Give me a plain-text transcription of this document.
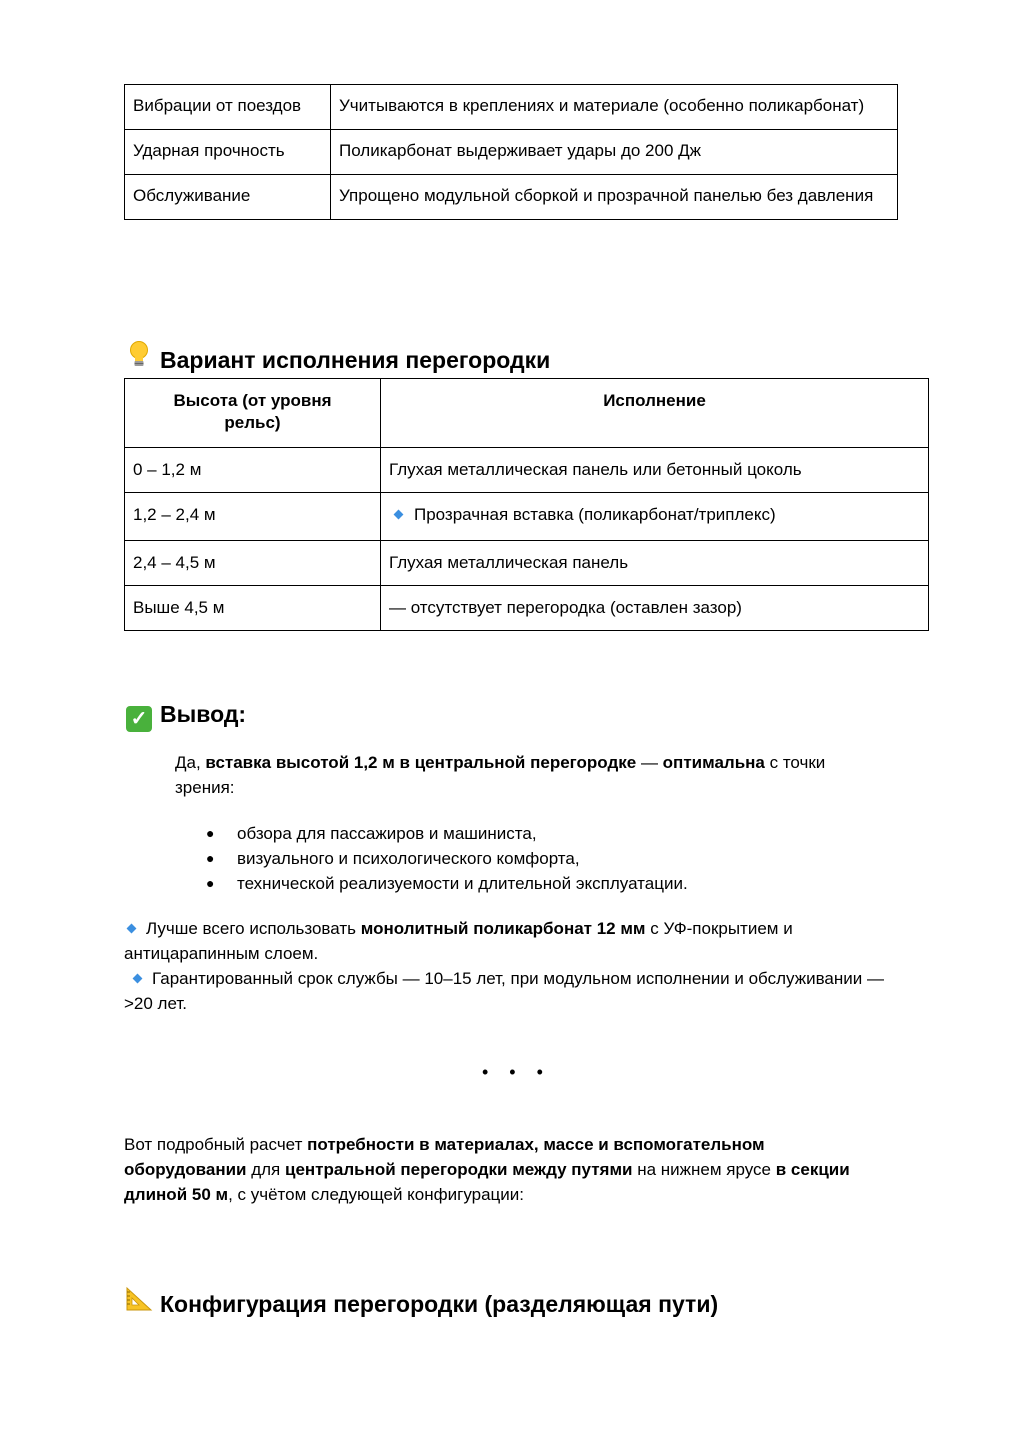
Вибрации от поездов	Учитываются в креплениях и материале (особенно поликарбонат)
Ударная прочность	Поликарбонат выдерживает удары до 200 Дж
Обслуживание	Упрощено модульной сборкой и прозрачной панелью без давления
Вариант исполнения перегородки
Высота (от уровня рельс)	Исполнение
0 – 1,2 м	Глухая металлическая панель или бетонный цоколь
1,2 – 2,4 м	Прозрачная вставка (поликарбонат/триплекс)
2,4 – 4,5 м	Глухая металлическая панель
Выше 4,5 м	— отсутствует перегородка (оставлен зазор)
✓ Вывод:
Да, вставка высотой 1,2 м в центральной перегородке — оптимальна с точки зрения:
● обзора для пассажиров и машиниста,
● визуального и психологического комфорта,
● технической реализуемости и длительной эксплуатации.
Лучше всего использовать монолитный поликарбонат 12 мм с УФ-покрытием и антицарапинным слоем.
Гарантированный срок службы — 10–15 лет, при модульном исполнении и обслуживании — >20 лет.
• • •
Вот подробный расчет потребности в материалах, массе и вспомогательном оборудовании для центральной перегородки между путями на нижнем ярусе в секции длиной 50 м, с учётом следующей конфигурации:
Конфигурация перегородки (разделяющая пути)
